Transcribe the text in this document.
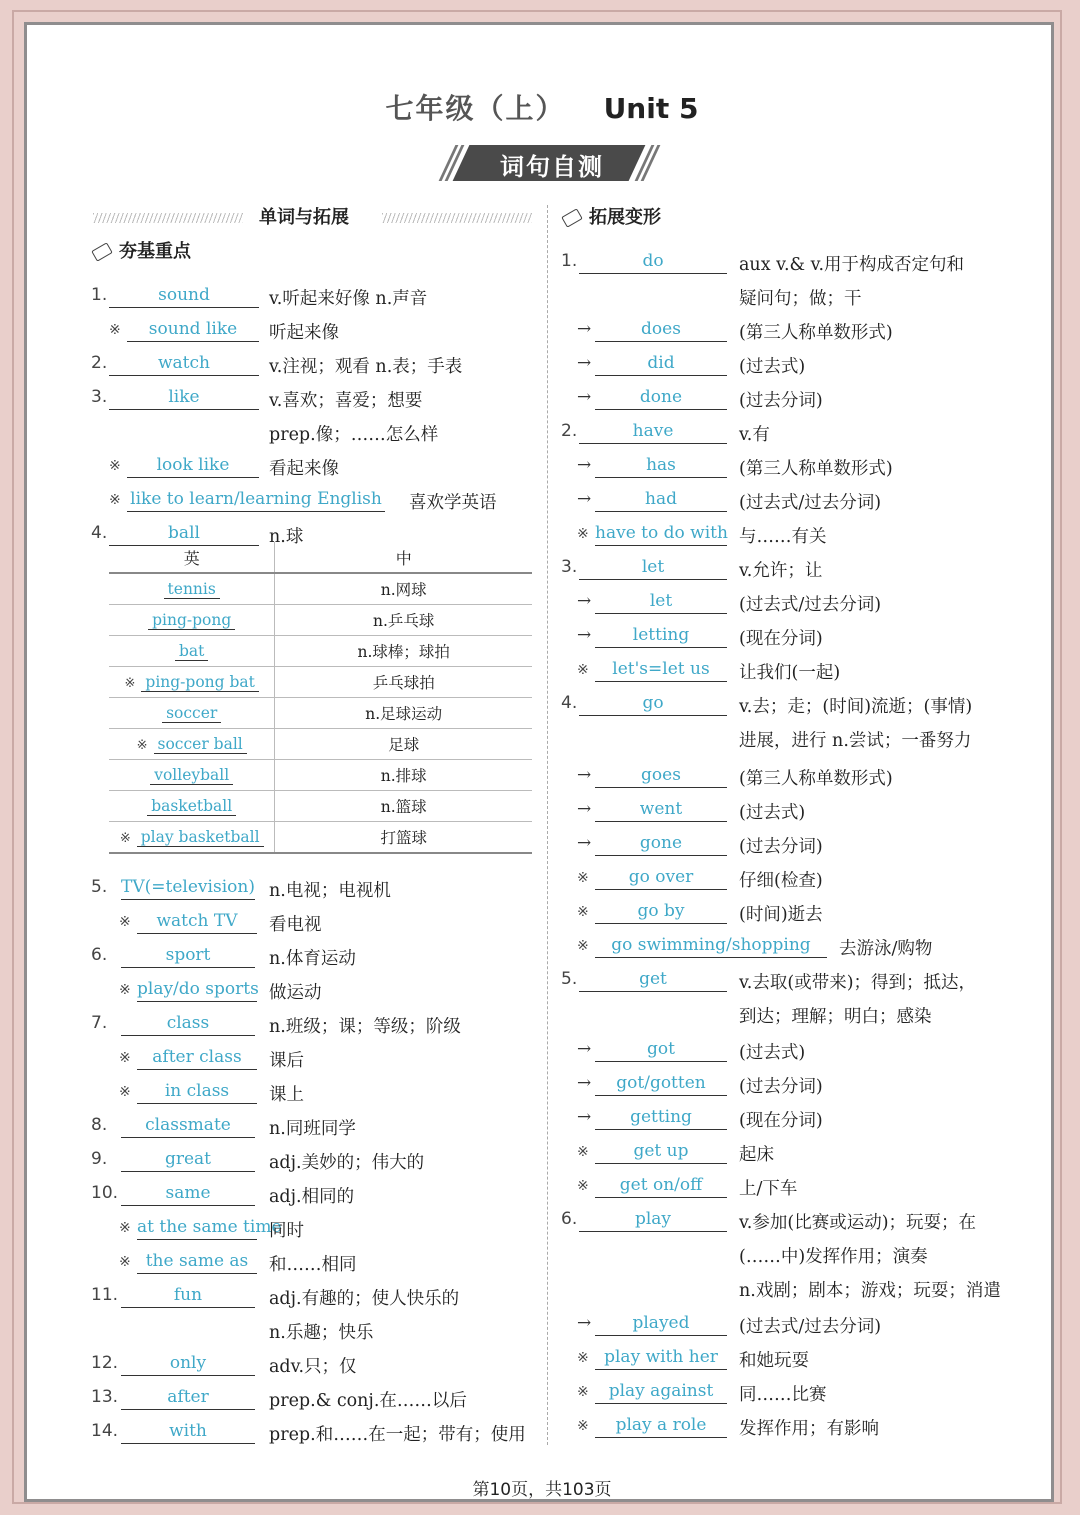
七年级（上） Unit 5
词句自测
单词与拓展
夯基重点
拓展变形
1.	sound	v.听起来好像 n.声音
※	sound like	听起来像
2.	watch	v.注视；观看 n.表；手表
3.	like	v.喜欢；喜爱；想要
prep.像；……怎么样
※	look like	看起来像
※ like to learn/learning English 喜欢学英语
4.	ball	n.球
英	中
tennis	n.网球
ping-pong	n.乒乓球
bat	n.球棒；球拍
※ ping-pong bat	乒乓球拍
soccer	n.足球运动
※ soccer ball	足球
volleyball	n.排球
basketball	n.篮球
※ play basketball	打篮球
5. TV(=television) n.电视；电视机
※	watch TV	看电视
6.	sport	n.体育运动
※ play/do sports 做运动
7.	class	n.班级；课；等级；阶级
※	after class	课后
※	in class	课上
8.	classmate	n.同班同学
9.	great	adj.美妙的；伟大的
10.	same	adj.相同的
※ at the same time
同时
※ the same as	和……相同
11.	fun	adj.有趣的；使人快乐的
n.乐趣；快乐
12.	only	adv.只；仅
13.	after	prep.& conj.在……以后
14.	with	prep.和……在一起；带有；使用
1.	do	aux v.& v.用于构成否定句和
疑问句；做；干
→	does	(第三人称单数形式)
→	did	(过去式)
→	done	(过去分词)
2.	have	v.有
→	has	(第三人称单数形式)
→	had	(过去式/过去分词)
※ have to do with 与……有关
3.	let	v.允许；让
→	let	(过去式/过去分词)
→	letting	(现在分词)
※	let's=let us	让我们(一起)
4.	go	v.去；走；(时间)流逝；(事情)
进展，进行 n.尝试；一番努力
→	goes	(第三人称单数形式)
→	went	(过去式)
→	gone	(过去分词)
※	go over	仔细(检查)
※	go by	(时间)逝去
※	go swimming/shopping	去游泳/购物
5.	get	v.去取(或带来)；得到；抵达，
到达；理解；明白；感染
→	got	(过去式)
→	got/gotten	(过去分词)
→	getting	(现在分词)
※	get up	起床
※	get on/off	上/下车
6.	play	v.参加(比赛或运动)；玩耍；在
(……中)发挥作用；演奏
n.戏剧；剧本；游戏；玩耍；消遣
→	played	(过去式/过去分词)
※ play with her	和她玩耍
※	play against	同……比赛
※	play a role	发挥作用；有影响
第10页，共103页
